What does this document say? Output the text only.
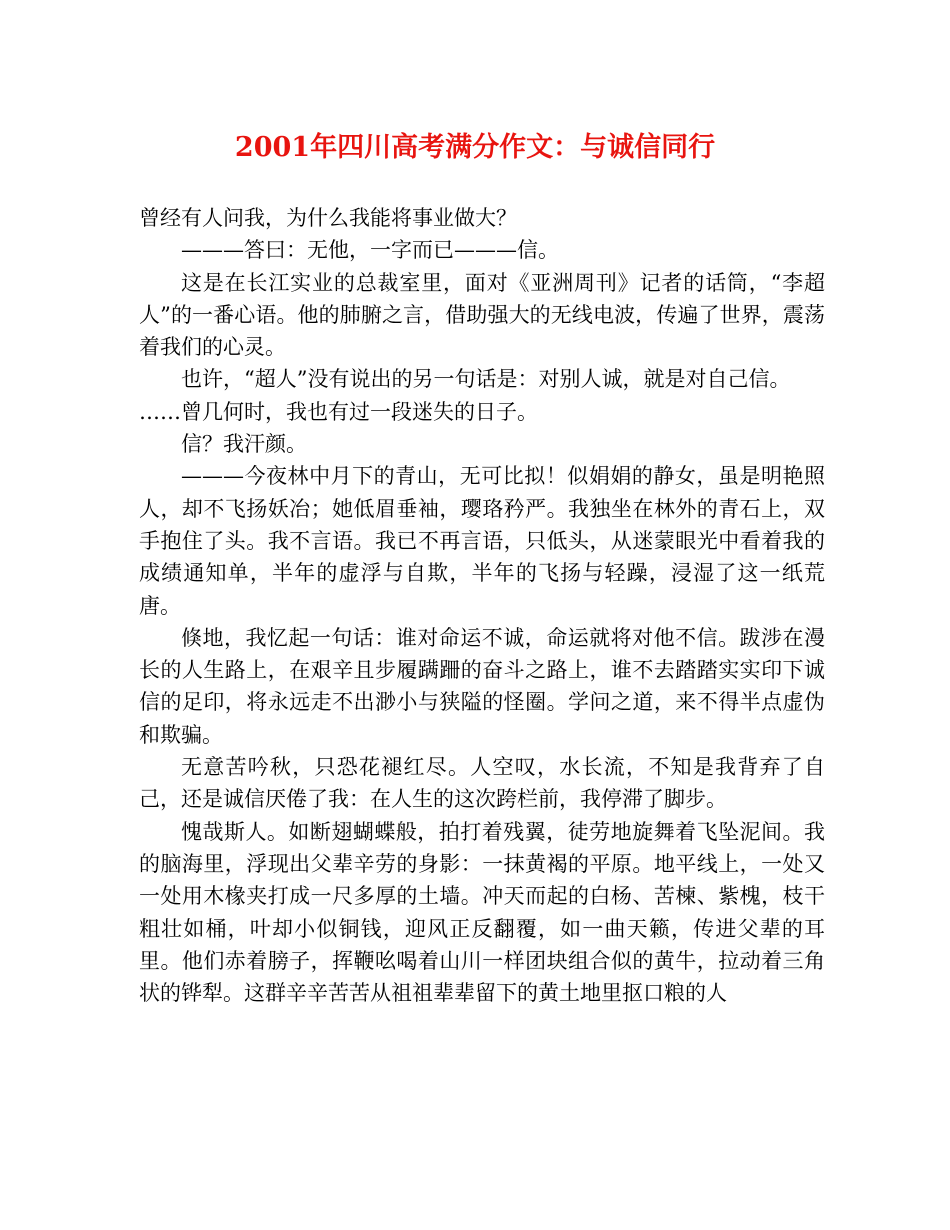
2001年四川高考满分作文：与诚信同行

曾经有人问我，为什么我能将事业做大？

———答曰：无他，一字而已———信。

这是在长江实业的总裁室里，面对《亚洲周刊》记者的话筒，“李超人”的一番心语。他的肺腑之言，借助强大的无线电波，传遍了世界，震荡着我们的心灵。

也许，“超人”没有说出的另一句话是：对别人诚，就是对自己信。

……曾几何时，我也有过一段迷失的日子。

信？我汗颜。

———今夜林中月下的青山，无可比拟！似娟娟的静女，虽是明艳照人，却不飞扬妖冶；她低眉垂袖，璎珞矜严。我独坐在林外的青石上，双手抱住了头。我不言语。我已不再言语，只低头，从迷蒙眼光中看着我的成绩通知单，半年的虚浮与自欺，半年的飞扬与轻躁，浸湿了这一纸荒唐。

倏地，我忆起一句话：谁对命运不诚，命运就将对他不信。跋涉在漫长的人生路上，在艰辛且步履蹒跚的奋斗之路上，谁不去踏踏实实印下诚信的足印，将永远走不出渺小与狭隘的怪圈。学问之道，来不得半点虚伪和欺骗。

无意苦吟秋，只恐花褪红尽。人空叹，水长流，不知是我背弃了自己，还是诚信厌倦了我：在人生的这次跨栏前，我停滞了脚步。

愧哉斯人。如断翅蝴蝶般，拍打着残翼，徒劳地旋舞着飞坠泥间。我的脑海里，浮现出父辈辛劳的身影：一抹黄褐的平原。地平线上，一处又一处用木椽夹打成一尺多厚的土墙。冲天而起的白杨、苦楝、紫槐，枝干粗壮如桶，叶却小似铜钱，迎风正反翻覆，如一曲天籁，传进父辈的耳里。他们赤着膀子，挥鞭吆喝着山川一样团块组合似的黄牛，拉动着三角状的铧犁。这群辛辛苦苦从祖祖辈辈留下的黄土地里抠口粮的人
